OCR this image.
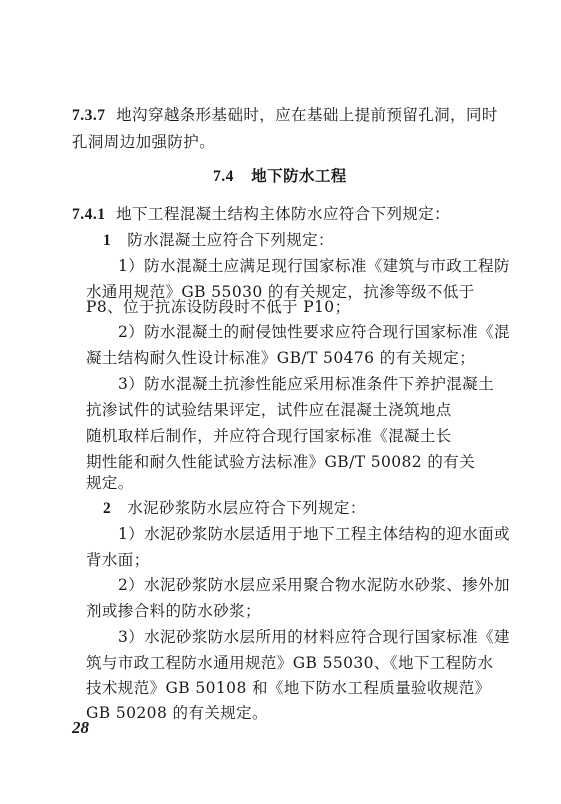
7.3.7 地沟穿越条形基础时，应在基础上提前预留孔洞，同时
孔洞周边加强防护。
7.4 地下防水工程
7.4.1 地下工程混凝土结构主体防水应符合下列规定：
1 防水混凝土应符合下列规定：
1）防水混凝土应满足现行国家标准《建筑与市政工程防
水通用规范》GB 55030 的有关规定，抗渗等级不低于
P8、位于抗冻设防段时不低于 P10；
2）防水混凝土的耐侵蚀性要求应符合现行国家标准《混
凝土结构耐久性设计标准》GB/T 50476 的有关规定；
3）防水混凝土抗渗性能应采用标准条件下养护混凝土
抗渗试件的试验结果评定，试件应在混凝土浇筑地点
随机取样后制作，并应符合现行国家标准《混凝土长
期性能和耐久性能试验方法标准》GB/T 50082 的有关
规定。
2 水泥砂浆防水层应符合下列规定：
1）水泥砂浆防水层适用于地下工程主体结构的迎水面或
背水面；
2）水泥砂浆防水层应采用聚合物水泥防水砂浆、掺外加
剂或掺合料的防水砂浆；
3）水泥砂浆防水层所用的材料应符合现行国家标准《建
筑与市政工程防水通用规范》GB 55030、《地下工程防水
技术规范》GB 50108 和《地下防水工程质量验收规范》
GB 50208 的有关规定。
28
